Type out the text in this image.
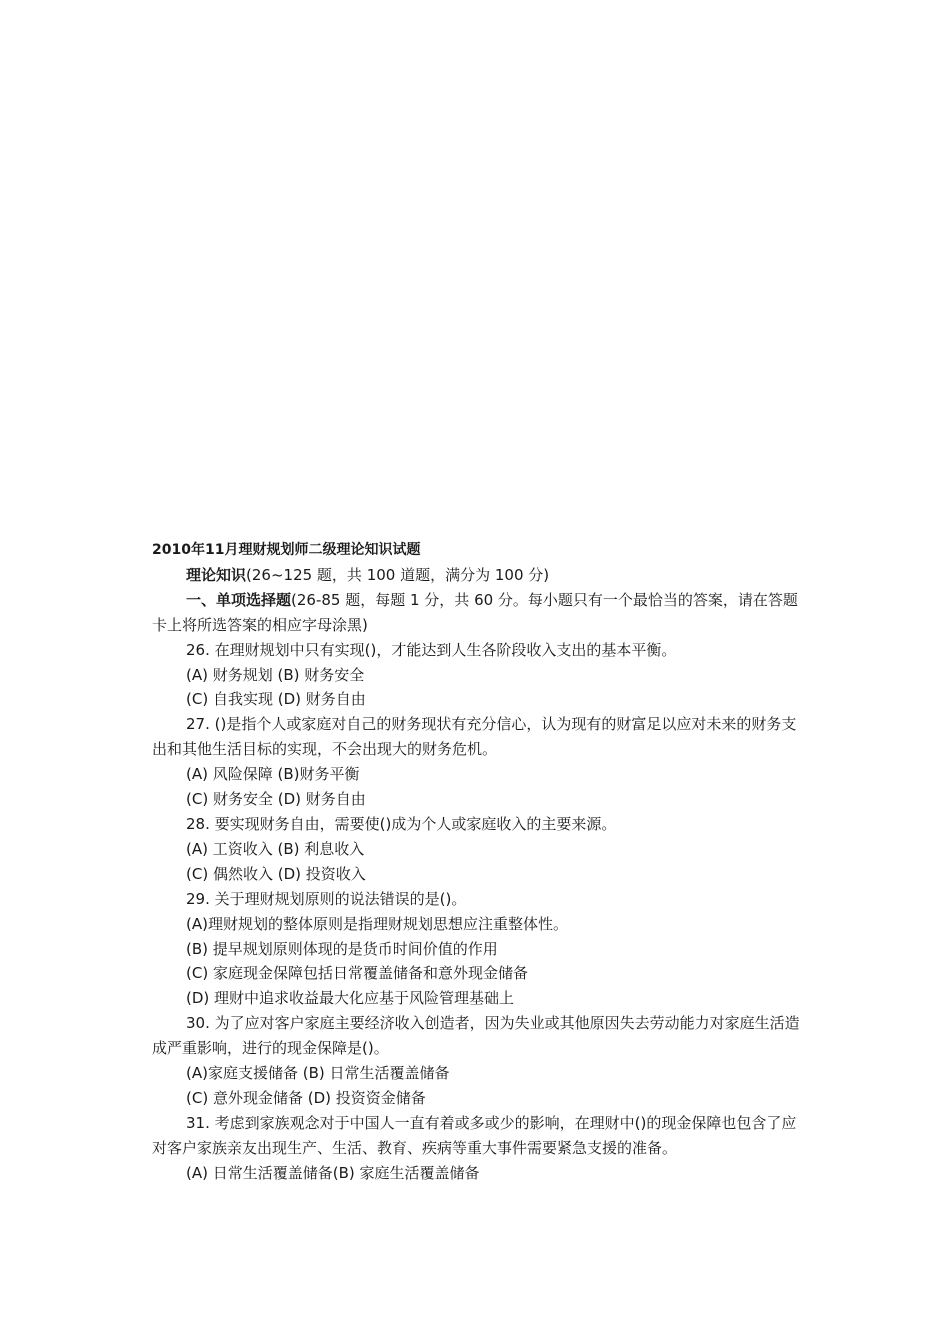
2010年11月理财规划师二级理论知识试题

理论知识(26~125 题，共 100 道题，满分为 100 分)

一、单项选择题(26-85 题，每题 1 分，共 60 分。每小题只有一个最恰当的答案，请在答题卡上将所选答案的相应字母涂黑)

26. 在理财规划中只有实现()，才能达到人生各阶段收入支出的基本平衡。

(A) 财务规划 (B) 财务安全

(C) 自我实现 (D) 财务自由

27. ()是指个人或家庭对自己的财务现状有充分信心，认为现有的财富足以应对未来的财务支出和其他生活目标的实现，不会出现大的财务危机。

(A) 风险保障 (B)财务平衡

(C) 财务安全 (D) 财务自由

28. 要实现财务自由，需要使()成为个人或家庭收入的主要来源。

(A) 工资收入 (B) 利息收入

(C) 偶然收入 (D) 投资收入

29. 关于理财规划原则的说法错误的是()。

(A)理财规划的整体原则是指理财规划思想应注重整体性。

(B) 提早规划原则体现的是货币时间价值的作用

(C) 家庭现金保障包括日常覆盖储备和意外现金储备

(D) 理财中追求收益最大化应基于风险管理基础上

30. 为了应对客户家庭主要经济收入创造者，因为失业或其他原因失去劳动能力对家庭生活造成严重影响，进行的现金保障是()。

(A)家庭支援储备 (B) 日常生活覆盖储备

(C) 意外现金储备 (D) 投资资金储备

31. 考虑到家族观念对于中国人一直有着或多或少的影响，在理财中()的现金保障也包含了应对客户家族亲友出现生产、生活、教育、疾病等重大事件需要紧急支援的准备。

(A) 日常生活覆盖储备(B) 家庭生活覆盖储备
